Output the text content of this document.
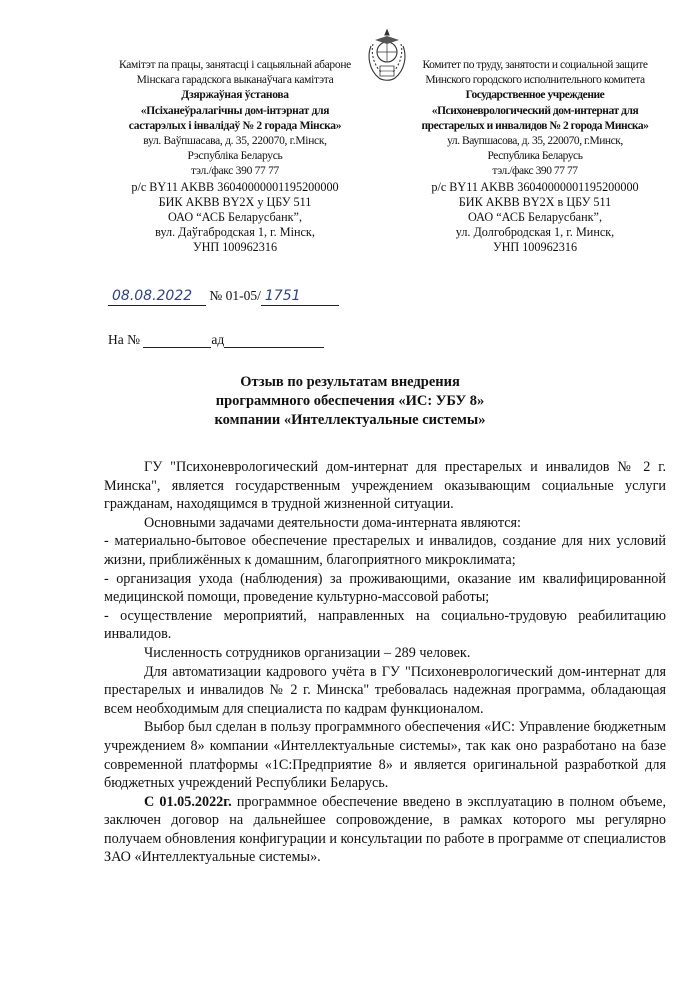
Камітэт па працы, занятасці і сацыяльнай абароне
Мінскага гарадскога выканаўчага камітэта
Дзяржаўная ўстанова
«Псіханеўралагічны дом-інтэрнат для
састарэлых і інвалідаў № 2 горада Мінска»
вул. Ваўпшасава, д. 35, 220070, г.Мінск,
Рэспубліка Беларусь
тэл./факс 390 77 77
р/с BY11 AKBB 36040000001195200000
БИК AKBB BY2X у ЦБУ 511
ОАО “АСБ Беларусбанк”,
вул. Даўгабродская 1, г. Мінск,
УНП 100962316
Комитет по труду, занятости и социальной защите
Минского городского исполнительного комитета
Государственное учреждение
«Психоневрологический дом-интернат для
престарелых и инвалидов № 2 города Минска»
ул. Ваупшасова, д. 35, 220070, г.Минск,
Республика Беларусь
тэл./факс 390 77 77
р/с BY11 AKBB 36040000001195200000
БИК AKBB BY2X в ЦБУ 511
ОАО “АСБ Беларусбанк”,
ул. Долгобродская 1, г. Минск,
УНП 100962316
08.08.2022 № 01-05/ 1751
На №	ад
Отзыв по результатам внедрения
программного обеспечения «ИС: УБУ 8»
компании «Интеллектуальные системы»

ГУ "Психоневрологический дом-интернат для престарелых и инвалидов № 2 г. Минска", является государственным учреждением оказывающим социальные услуги гражданам, находящимся в трудной жизненной ситуации.

Основными задачами деятельности дома-интерната являются:

- материально-бытовое обеспечение престарелых и инвалидов, создание для них условий жизни, приближённых к домашним, благоприятного микроклимата;

- организация ухода (наблюдения) за проживающими, оказание им квалифицированной медицинской помощи, проведение культурно-массовой работы;

- осуществление мероприятий, направленных на социально-трудовую реабилитацию инвалидов.

Численность сотрудников организации – 289 человек.

Для автоматизации кадрового учёта в ГУ "Психоневрологический дом-интернат для престарелых и инвалидов № 2 г. Минска" требовалась надежная программа, обладающая всем необходимым для специалиста по кадрам функционалом.

Выбор был сделан в пользу программного обеспечения «ИС: Управление бюджетным учреждением 8» компании «Интеллектуальные системы», так как оно разработано на базе современной платформы «1С:Предприятие 8» и является оригинальной разработкой для бюджетных учреждений Республики Беларусь.

С 01.05.2022г. программное обеспечение введено в эксплуатацию в полном объеме, заключен договор на дальнейшее сопровождение, в рамках которого мы регулярно получаем обновления конфигурации и консультации по работе в программе от специалистов ЗАО «Интеллектуальные системы».
